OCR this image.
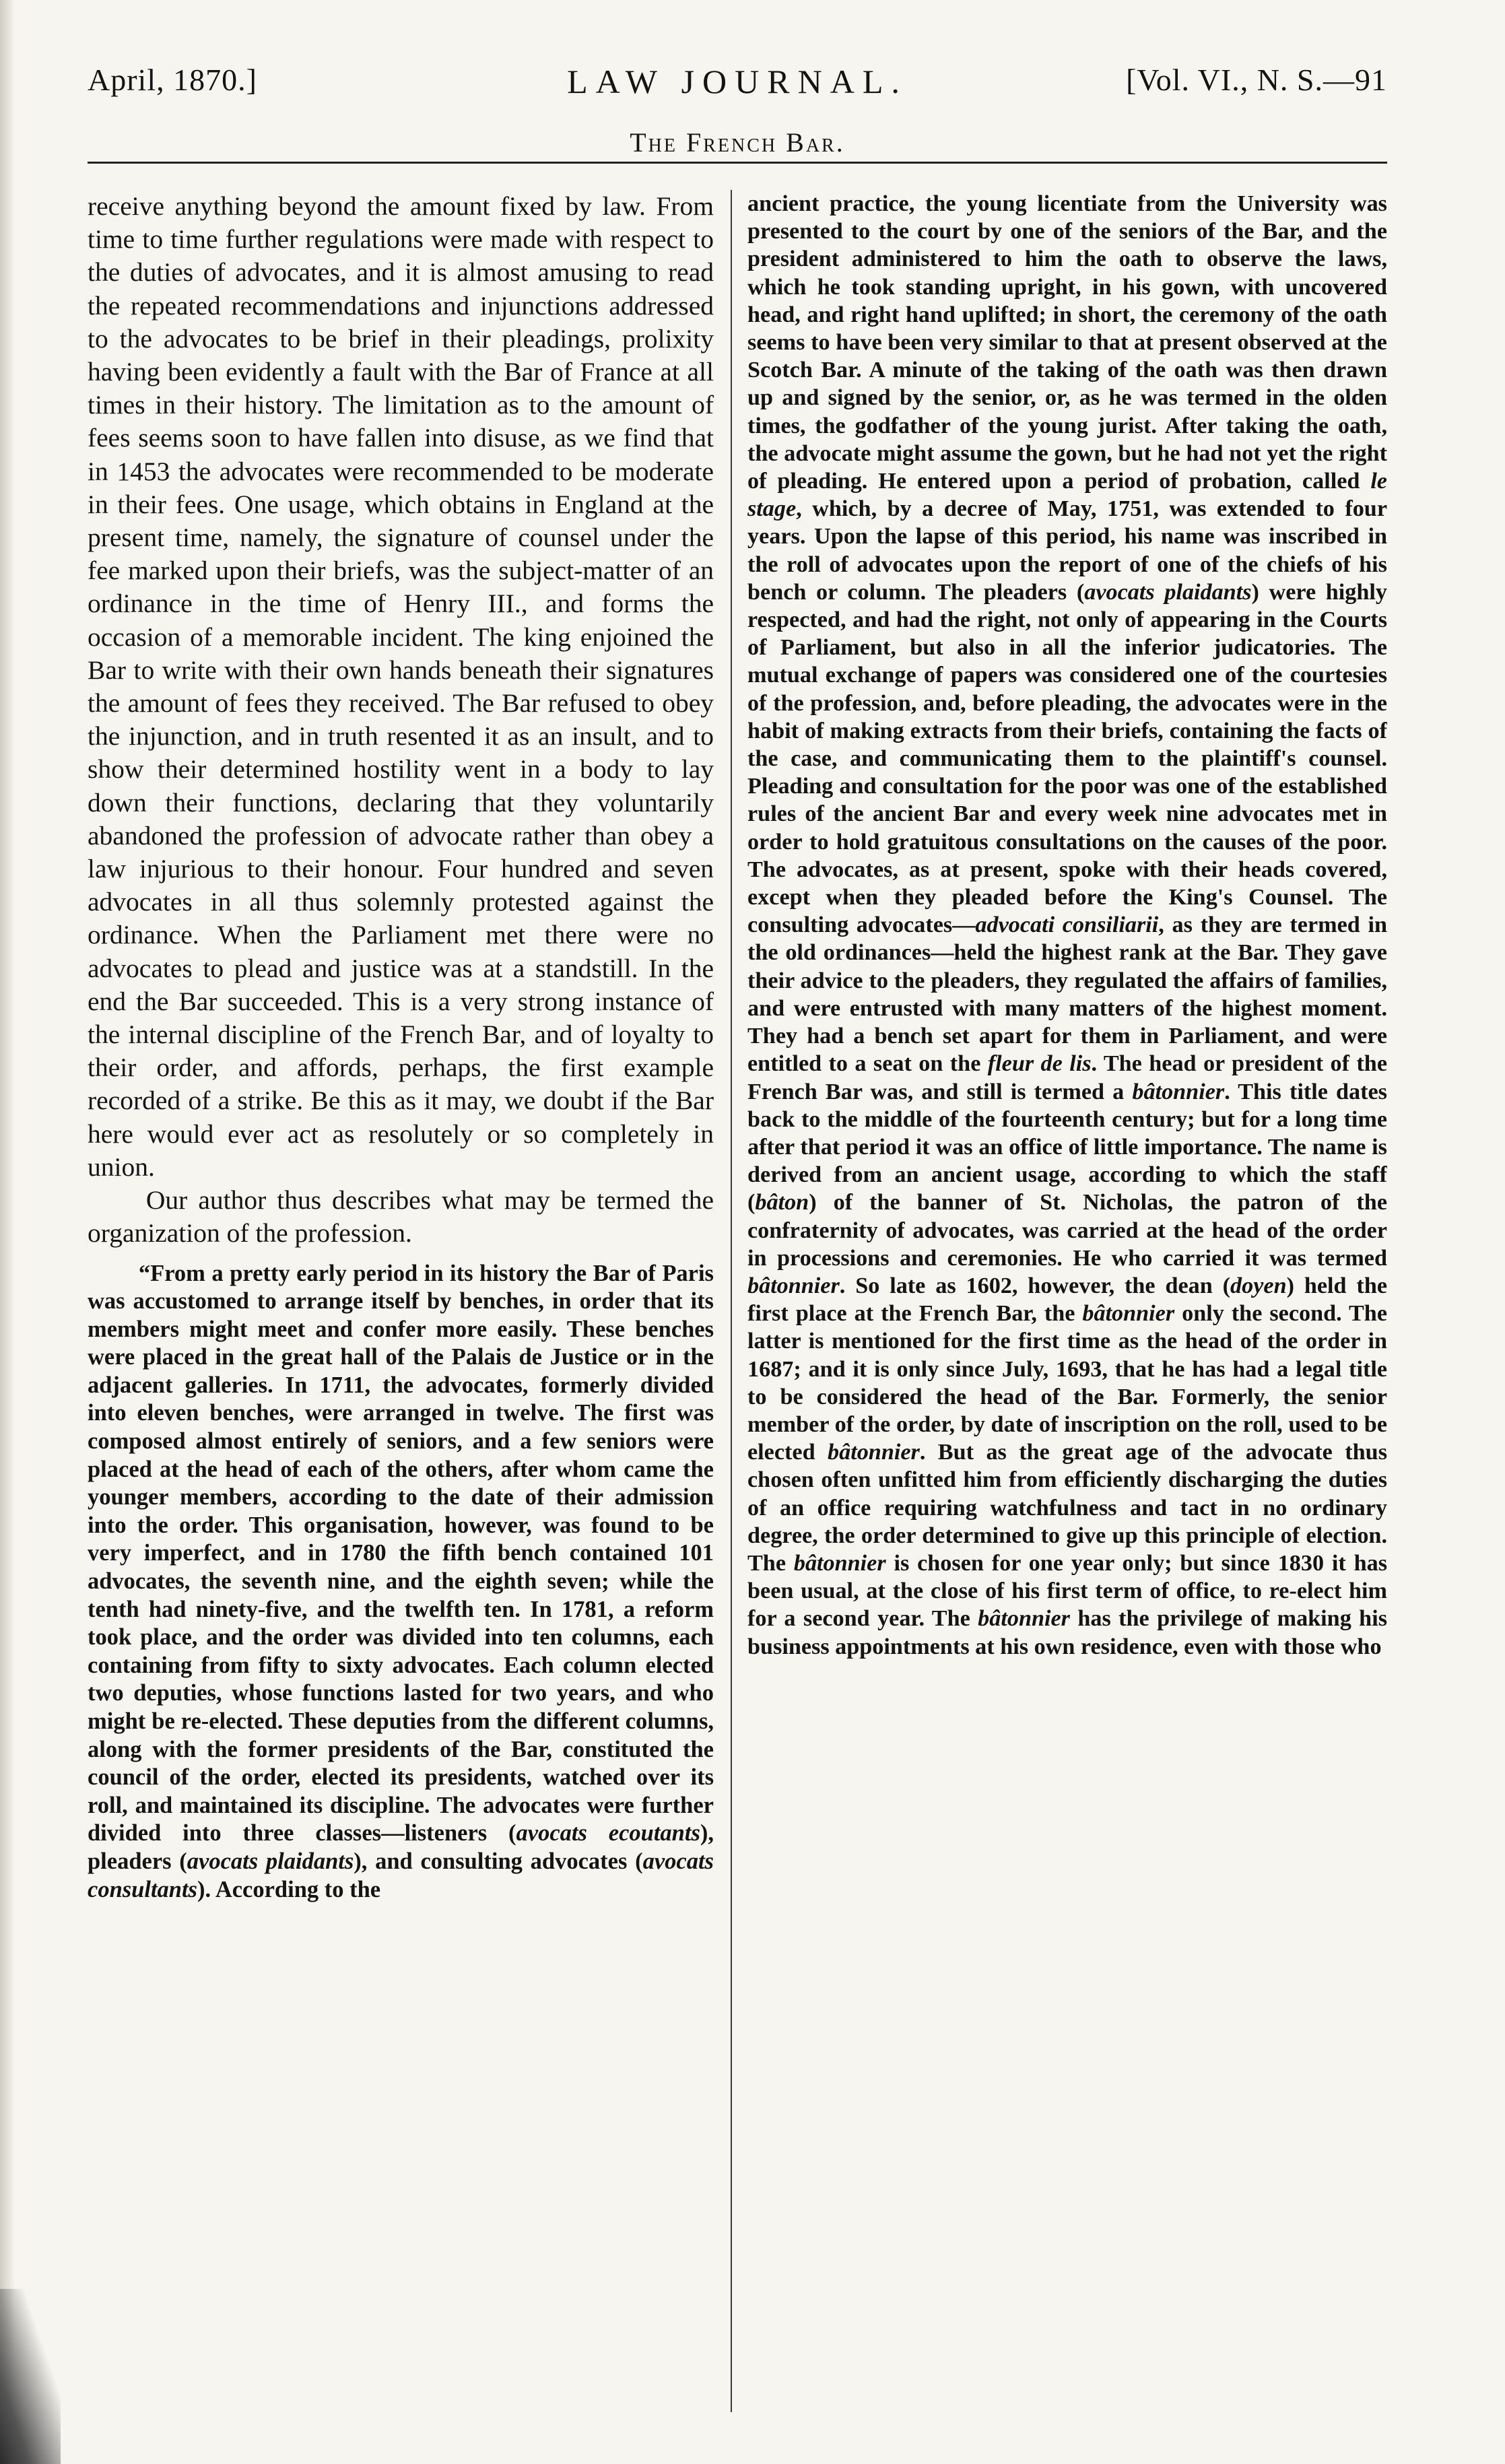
April, 1870.]	LAW JOURNAL.	[Vol. VI., N. S.—91
The French Bar.

receive anything beyond the amount fixed by law. From time to time further regulations were made with respect to the duties of advocates, and it is almost amusing to read the repeated recommendations and injunctions addressed to the advocates to be brief in their pleadings, prolixity having been evidently a fault with the Bar of France at all times in their history. The limitation as to the amount of fees seems soon to have fallen into disuse, as we find that in 1453 the advocates were recommended to be moderate in their fees. One usage, which obtains in England at the present time, namely, the signature of counsel under the fee marked upon their briefs, was the subject-matter of an ordinance in the time of Henry III., and forms the occasion of a memorable incident. The king enjoined the Bar to write with their own hands beneath their signatures the amount of fees they received. The Bar refused to obey the injunction, and in truth resented it as an insult, and to show their determined hostility went in a body to lay down their functions, declaring that they voluntarily abandoned the profession of advocate rather than obey a law injurious to their honour. Four hundred and seven advocates in all thus solemnly protested against the ordinance. When the Parliament met there were no advocates to plead and justice was at a standstill. In the end the Bar succeeded. This is a very strong instance of the internal discipline of the French Bar, and of loyalty to their order, and affords, perhaps, the first example recorded of a strike. Be this as it may, we doubt if the Bar here would ever act as resolutely or so completely in union.

Our author thus describes what may be termed the organization of the profession.

“From a pretty early period in its history the Bar of Paris was accustomed to arrange itself by benches, in order that its members might meet and confer more easily. These benches were placed in the great hall of the Palais de Justice or in the adjacent galleries. In 1711, the advocates, formerly divided into eleven benches, were arranged in twelve. The first was composed almost entirely of seniors, and a few seniors were placed at the head of each of the others, after whom came the younger members, according to the date of their admission into the order. This organisation, however, was found to be very imperfect, and in 1780 the fifth bench contained 101 advocates, the seventh nine, and the eighth seven; while the tenth had ninety-five, and the twelfth ten. In 1781, a reform took place, and the order was divided into ten columns, each containing from fifty to sixty advocates. Each column elected two deputies, whose functions lasted for two years, and who might be re-elected. These deputies from the different columns, along with the former presidents of the Bar, constituted the council of the order, elected its presidents, watched over its roll, and maintained its discipline. The advocates were further divided into three classes—listeners (avocats ecoutants), pleaders (avocats plaidants), and consulting advocates (avocats consultants). According to the

ancient practice, the young licentiate from the University was presented to the court by one of the seniors of the Bar, and the president administered to him the oath to observe the laws, which he took standing upright, in his gown, with uncovered head, and right hand uplifted; in short, the ceremony of the oath seems to have been very similar to that at present observed at the Scotch Bar. A minute of the taking of the oath was then drawn up and signed by the senior, or, as he was termed in the olden times, the godfather of the young jurist. After taking the oath, the advocate might assume the gown, but he had not yet the right of pleading. He entered upon a period of probation, called le stage, which, by a decree of May, 1751, was extended to four years. Upon the lapse of this period, his name was inscribed in the roll of advocates upon the report of one of the chiefs of his bench or column. The pleaders (avocats plaidants) were highly respected, and had the right, not only of appearing in the Courts of Parliament, but also in all the inferior judicatories. The mutual exchange of papers was considered one of the courtesies of the profession, and, before pleading, the advocates were in the habit of making extracts from their briefs, containing the facts of the case, and communicating them to the plaintiff's counsel. Pleading and consultation for the poor was one of the established rules of the ancient Bar and every week nine advocates met in order to hold gratuitous consultations on the causes of the poor. The advocates, as at present, spoke with their heads covered, except when they pleaded before the King's Counsel. The consulting advocates—advocati consiliarii, as they are termed in the old ordinances—held the highest rank at the Bar. They gave their advice to the pleaders, they regulated the affairs of families, and were entrusted with many matters of the highest moment. They had a bench set apart for them in Parliament, and were entitled to a seat on the fleur de lis. The head or president of the French Bar was, and still is termed a bâtonnier. This title dates back to the middle of the fourteenth century; but for a long time after that period it was an office of little importance. The name is derived from an ancient usage, according to which the staff (bâton) of the banner of St. Nicholas, the patron of the confraternity of advocates, was carried at the head of the order in processions and ceremonies. He who carried it was termed bâtonnier. So late as 1602, however, the dean (doyen) held the first place at the French Bar, the bâtonnier only the second. The latter is mentioned for the first time as the head of the order in 1687; and it is only since July, 1693, that he has had a legal title to be considered the head of the Bar. Formerly, the senior member of the order, by date of inscription on the roll, used to be elected bâtonnier. But as the great age of the advocate thus chosen often unfitted him from efficiently discharging the duties of an office requiring watchfulness and tact in no ordinary degree, the order determined to give up this principle of election. The bâtonnier is chosen for one year only; but since 1830 it has been usual, at the close of his first term of office, to re-elect him for a second year. The bâtonnier has the privilege of making his business appointments at his own residence, even with those who
